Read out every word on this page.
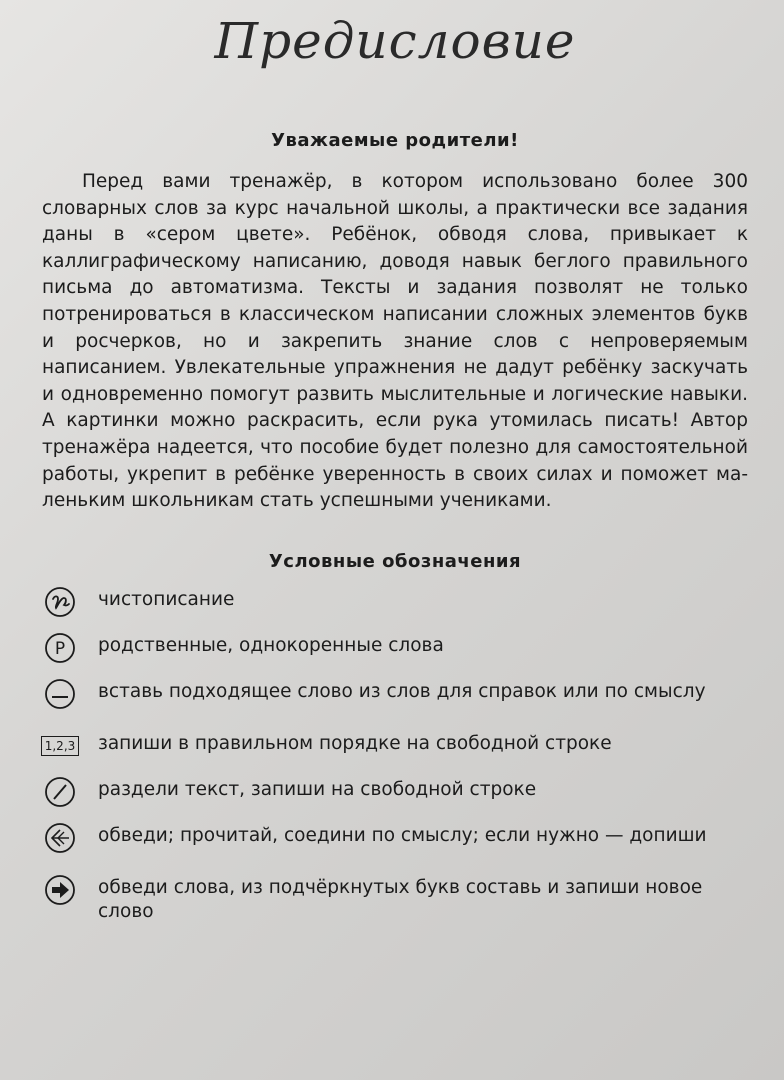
Предисловие
Уважаемые родители!

Перед вами тренажёр, в котором использовано более 300 словарных слов за курс начальной школы, а практически все задания даны в «сером цвете». Ребёнок, обводя слова, привыкает к каллиграфическому написанию, доводя навык беглого правильного письма до автоматизма. Тексты и задания позволят не только потренироваться в классическом написании сложных элементов букв и росчерков, но и закрепить знание слов с непроверяемым написанием. Увлекательные упражнения не дадут ребёнку заскучать и одновременно помогут развить мыслительные и логические навыки. А картинки можно раскрасить, если рука утомилась писать! Автор тренажёра надеется, что пособие будет полезно для самостоятельной работы, укрепит в ребёнке уверенность в своих силах и поможет маленьким школьникам стать успешными учениками.

Условные обозначения
чистописание
Р родственные, однокоренные слова
вставь подходящее слово из слов для справок или по смыслу
1,2,3 запиши в правильном порядке на свободной строке
раздели текст, запиши на свободной строке
обведи; прочитай, соедини по смыслу; если нужно — допиши
обведи слова, из подчёркнутых букв составь и запиши новое слово
